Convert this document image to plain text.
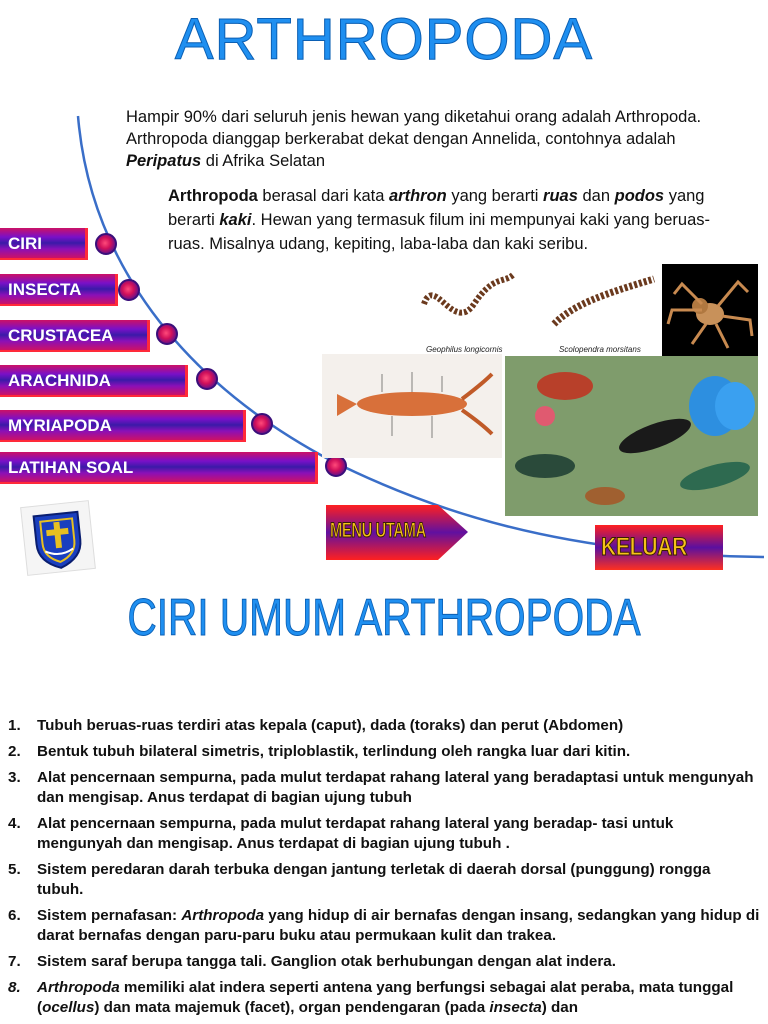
ARTHROPODA
Hampir 90% dari seluruh jenis hewan yang diketahui orang adalah Arthropoda. Arthropoda dianggap berkerabat dekat dengan Annelida, contohnya adalah Peripatus di Afrika Selatan
Arthropoda berasal dari kata arthron yang berarti ruas dan podos yang berarti kaki. Hewan yang termasuk filum ini mempunyai kaki yang beruas-ruas. Misalnya udang, kepiting, laba-laba dan kaki seribu.
CIRI
INSECTA
CRUSTACEA
ARACHNIDA
MYRIAPODA
LATIHAN SOAL
Geophilus longicornis	Scolopendra morsitans
MENU UTAMA
KELUAR
CIRI UMUM ARTHROPODA
1. Tubuh beruas-ruas terdiri atas kepala (caput), dada (toraks) dan perut (Abdomen)
2. Bentuk tubuh bilateral simetris, triploblastik, terlindung oleh rangka luar dari kitin.
3. Alat pencernaan sempurna, pada mulut terdapat rahang lateral yang beradaptasi untuk mengunyah dan mengisap. Anus terdapat di bagian ujung tubuh
4. Alat pencernaan sempurna, pada mulut terdapat rahang lateral yang beradap- tasi untuk mengunyah dan mengisap. Anus terdapat di bagian ujung tubuh .
5. Sistem peredaran darah terbuka dengan jantung terletak di daerah dorsal (punggung) rongga tubuh.
6. Sistem pernafasan: Arthropoda yang hidup di air bernafas dengan insang, sedangkan yang hidup di darat bernafas dengan paru-paru buku atau permukaan kulit dan trakea.
7. Sistem saraf berupa tangga tali. Ganglion otak berhubungan dengan alat indera.
8. Arthropoda memiliki alat indera seperti antena yang berfungsi sebagai alat peraba, mata tunggal (ocellus) dan mata majemuk (facet), organ pendengaran (pada insecta) dan
